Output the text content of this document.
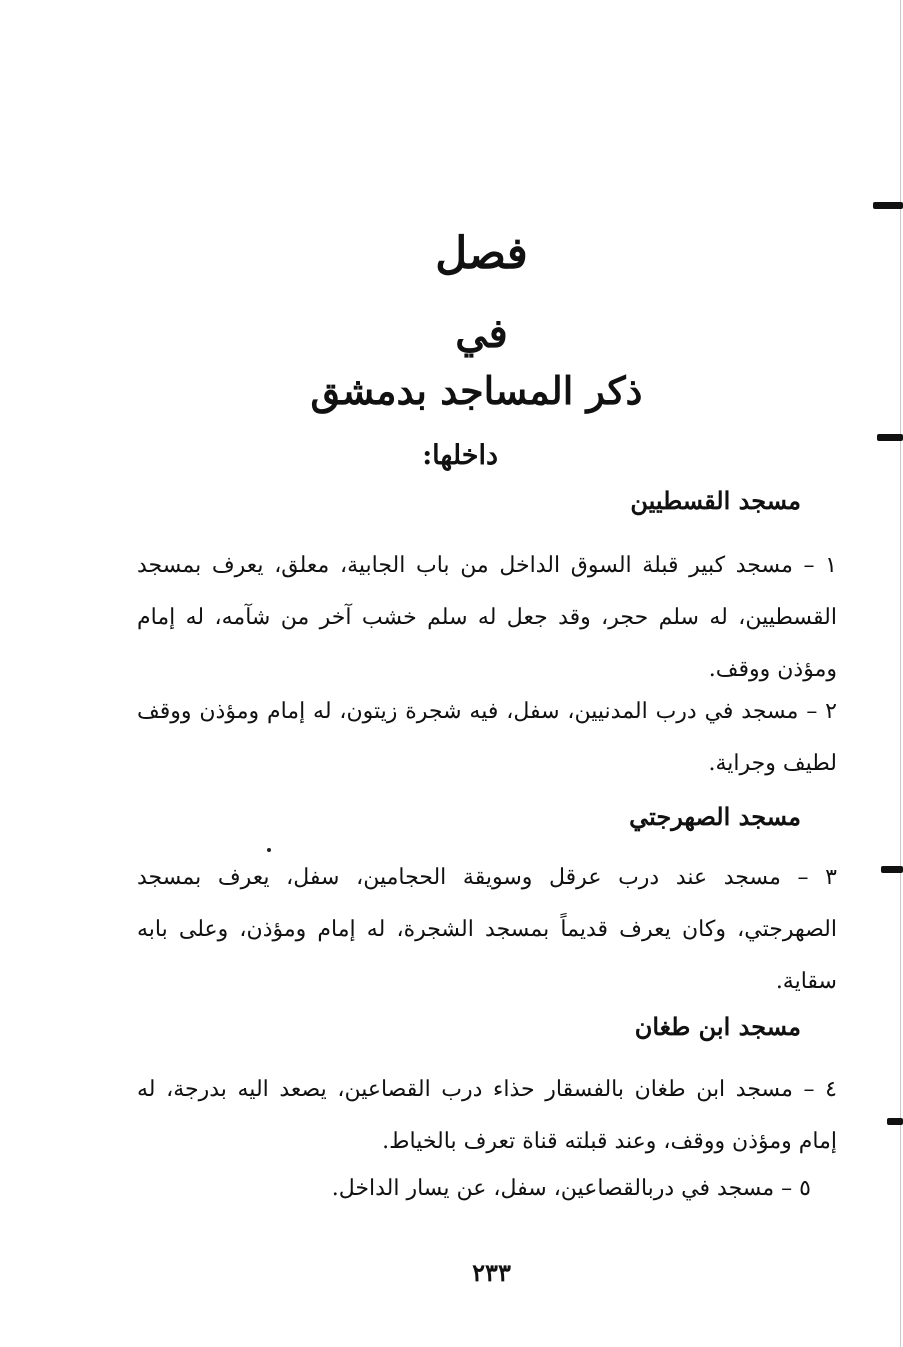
فصل
في
ذكر المساجد بدمشق
داخلها:
مسجد القسطيين
١ – مسجد كبير قبلة السوق الداخل من باب الجابية، معلق، يعرف بمسجد القسطيين، له سلم حجر، وقد جعل له سلم خشب آخر من شآمه، له إمام ومؤذن ووقف.
٢ – مسجد في درب المدنيين، سفل، فيه شجرة زيتون، له إمام ومؤذن ووقف لطيف وجراية.
مسجد الصهرجتي
٣ – مسجد عند درب عرقل وسويقة الحجامين، سفل، يعرف بمسجد الصهرجتي، وكان يعرف قديماً بمسجد الشجرة، له إمام ومؤذن، وعلى بابه سقاية.
مسجد ابن طغان
٤ – مسجد ابن طغان بالفسقار حذاء درب القصاعين، يصعد اليه بدرجة، له إمام ومؤذن ووقف، وعند قبلته قناة تعرف بالخياط.
٥ – مسجد في دربالقصاعين، سفل، عن يسار الداخل.
٢٣٣
